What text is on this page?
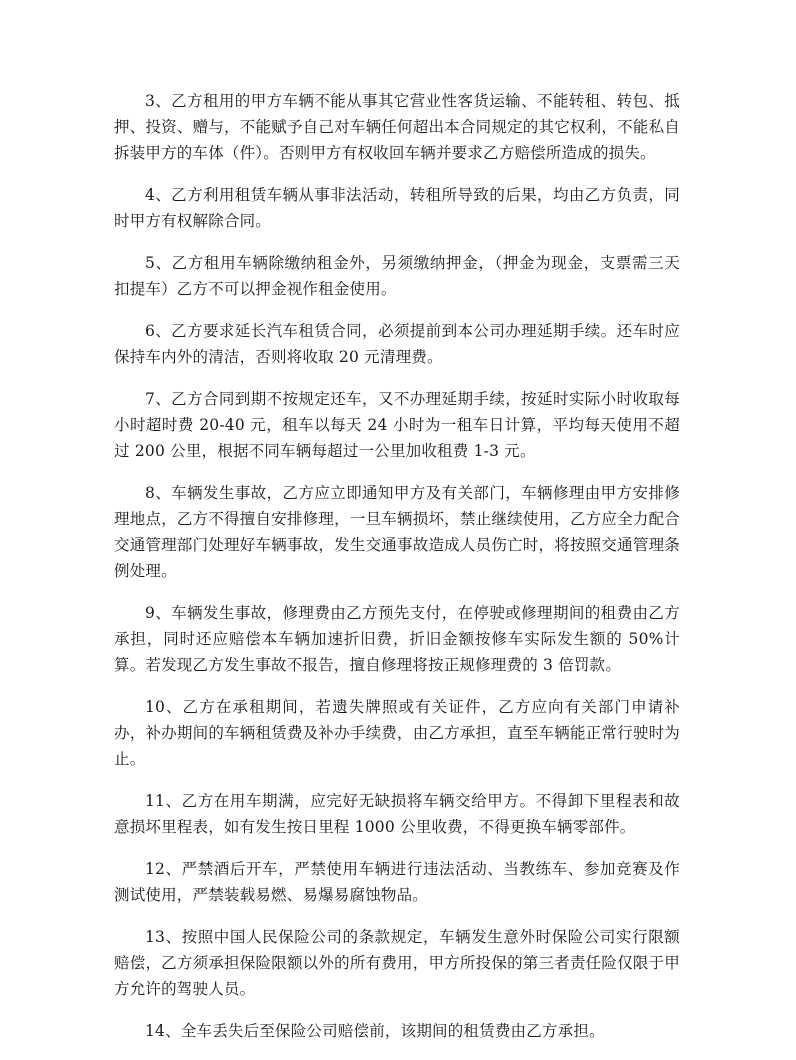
3、乙方租用的甲方车辆不能从事其它营业性客货运输、不能转租、转包、抵押、投资、赠与，不能赋予自己对车辆任何超出本合同规定的其它权利，不能私自拆装甲方的车体（件）。否则甲方有权收回车辆并要求乙方赔偿所造成的损失。

4、乙方利用租赁车辆从事非法活动，转租所导致的后果，均由乙方负责，同时甲方有权解除合同。

5、乙方租用车辆除缴纳租金外，另须缴纳押金，（押金为现金，支票需三天扣提车）乙方不可以押金视作租金使用。

6、乙方要求延长汽车租赁合同，必须提前到本公司办理延期手续。还车时应保持车内外的清洁，否则将收取 20 元清理费。

7、乙方合同到期不按规定还车，又不办理延期手续，按延时实际小时收取每小时超时费 20-40 元，租车以每天 24 小时为一租车日计算，平均每天使用不超过 200 公里，根据不同车辆每超过一公里加收租费 1-3 元。

8、车辆发生事故，乙方应立即通知甲方及有关部门，车辆修理由甲方安排修理地点，乙方不得擅自安排修理，一旦车辆损坏，禁止继续使用，乙方应全力配合交通管理部门处理好车辆事故，发生交通事故造成人员伤亡时，将按照交通管理条例处理。

9、车辆发生事故，修理费由乙方预先支付，在停驶或修理期间的租费由乙方承担，同时还应赔偿本车辆加速折旧费，折旧金额按修车实际发生额的 50%计算。若发现乙方发生事故不报告，擅自修理将按正规修理费的 3 倍罚款。

10、乙方在承租期间，若遗失牌照或有关证件，乙方应向有关部门申请补办，补办期间的车辆租赁费及补办手续费，由乙方承担，直至车辆能正常行驶时为止。

11、乙方在用车期满，应完好无缺损将车辆交给甲方。不得卸下里程表和故意损坏里程表，如有发生按日里程 1000 公里收费，不得更换车辆零部件。

12、严禁酒后开车，严禁使用车辆进行违法活动、当教练车、参加竞赛及作测试使用，严禁装载易燃、易爆易腐蚀物品。

13、按照中国人民保险公司的条款规定，车辆发生意外时保险公司实行限额赔偿，乙方须承担保险限额以外的所有费用，甲方所投保的第三者责任险仅限于甲方允许的驾驶人员。

14、全车丢失后至保险公司赔偿前，该期间的租赁费由乙方承担。
